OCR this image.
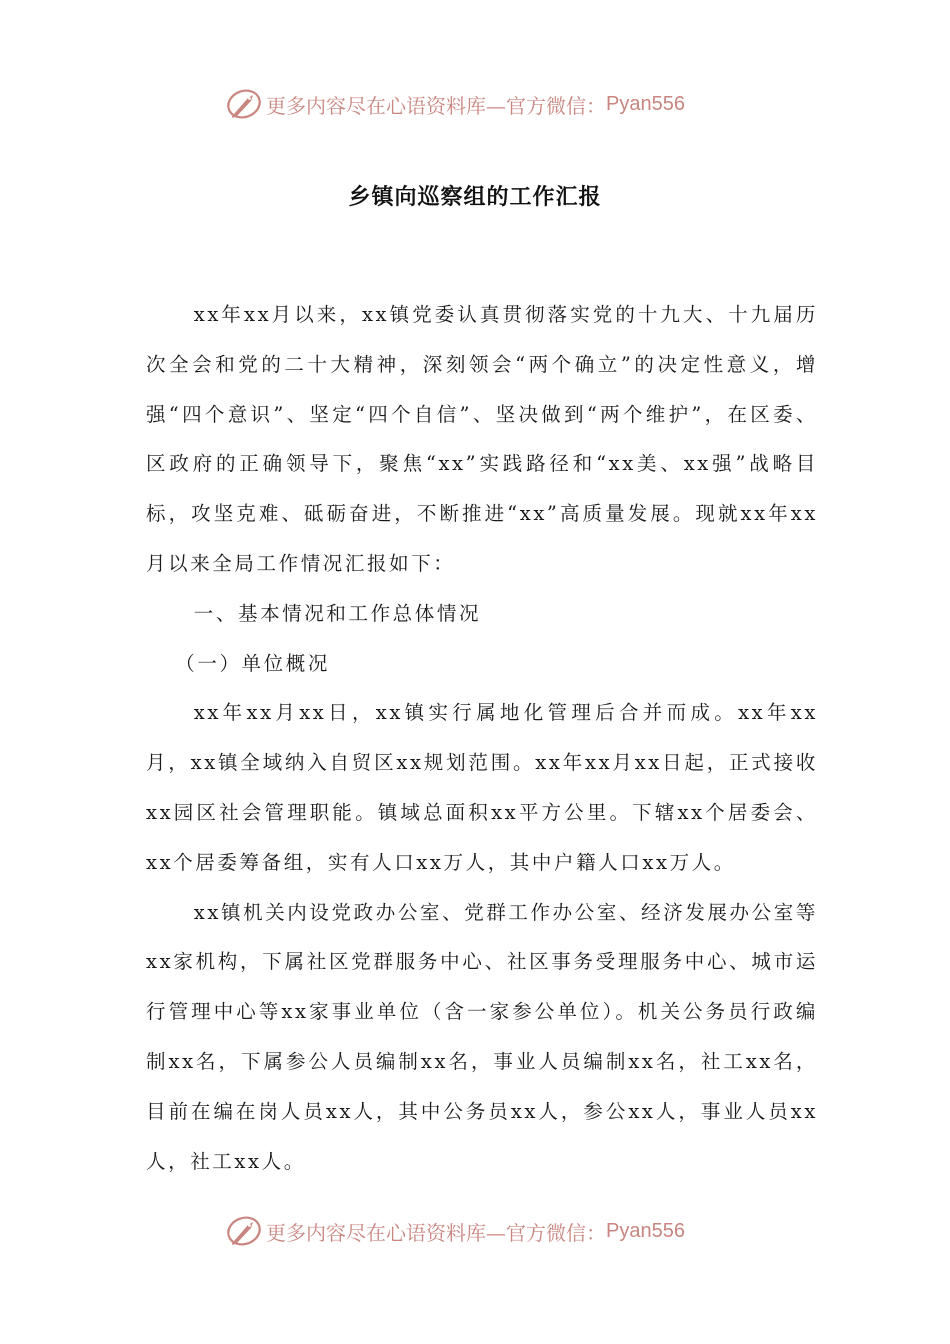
更多内容尽在心语资料库—官方微信： Pyan556
乡镇向巡察组的工作汇报

xx年xx月以来，xx镇党委认真贯彻落实党的十九大、十九届历次全会和党的二十大精神，深刻领会“两个确立”的决定性意义，增强“四个意识”、坚定“四个自信”、坚决做到“两个维护”，在区委、区政府的正确领导下，聚焦“xx”实践路径和“xx美、xx强”战略目标，攻坚克难、砥砺奋进，不断推进“xx”高质量发展。现就xx年xx月以来全局工作情况汇报如下：

一、基本情况和工作总体情况

（一）单位概况

xx年xx月xx日，xx镇实行属地化管理后合并而成。xx年xx月，xx镇全域纳入自贸区xx规划范围。xx年xx月xx日起，正式接收xx园区社会管理职能。镇域总面积xx平方公里。下辖xx个居委会、xx个居委筹备组，实有人口xx万人，其中户籍人口xx万人。

xx镇机关内设党政办公室、党群工作办公室、经济发展办公室等xx家机构，下属社区党群服务中心、社区事务受理服务中心、城市运行管理中心等xx家事业单位（含一家参公单位）。机关公务员行政编制xx名，下属参公人员编制xx名，事业人员编制xx名，社工xx名，目前在编在岗人员xx人，其中公务员xx人，参公xx人，事业人员xx人，社工xx人。

更多内容尽在心语资料库—官方微信： Pyan556
